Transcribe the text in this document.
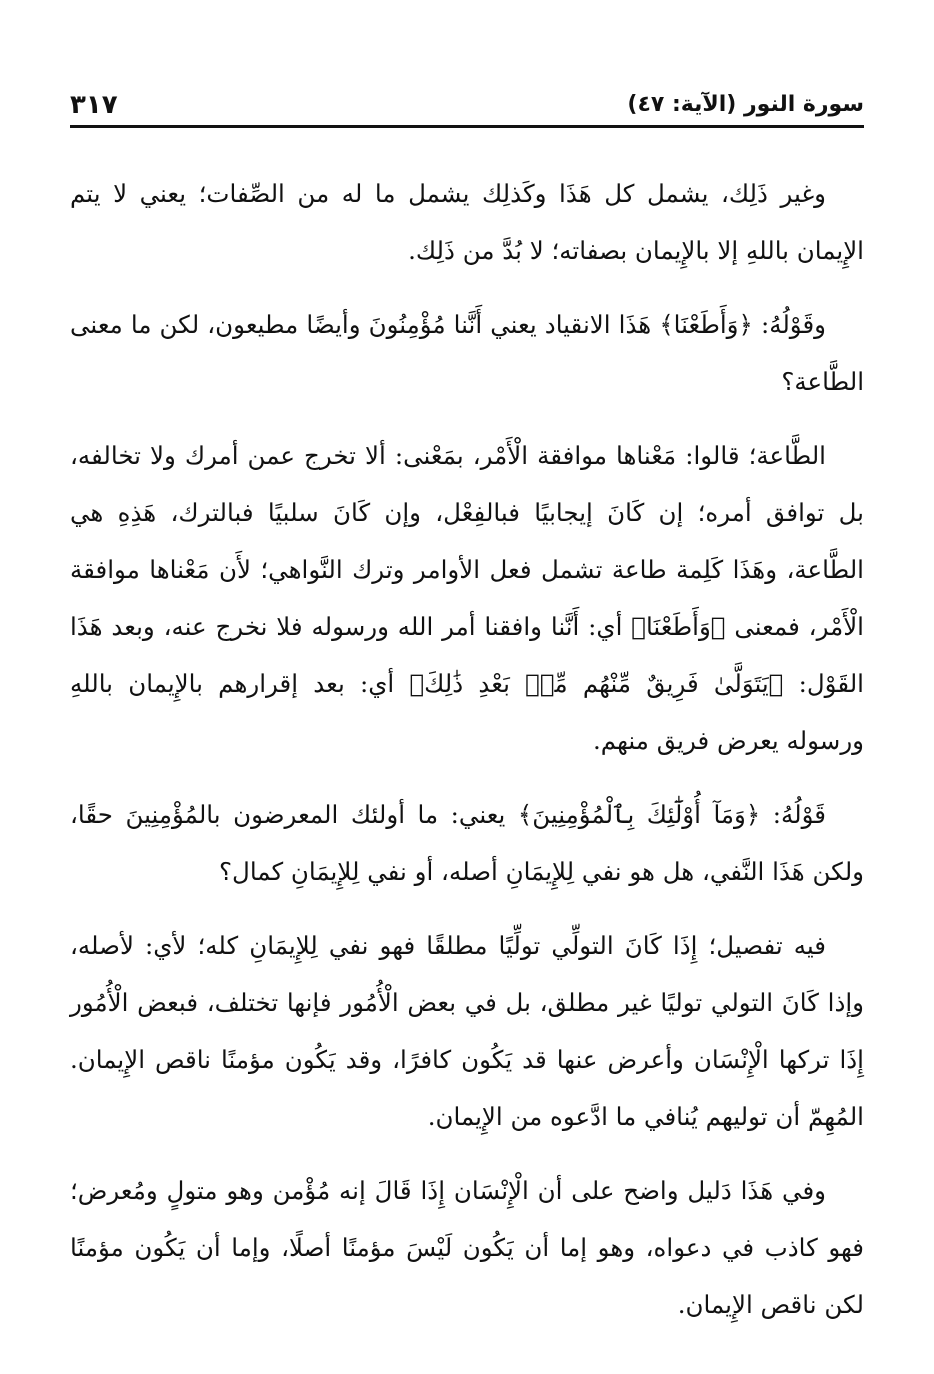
سورة النور (الآية: ٤٧)
٣١٧

وغير ذَلِك، يشمل كل هَذَا وكَذلِك يشمل ما له من الصِّفات؛ يعني لا يتم الإِيمان باللهِ إلا بالإِيمان بصفاته؛ لا بُدَّ من ذَلِك.

وقَوْلُهُ: ﴿وَأَطَعْنَا﴾ هَذَا الانقياد يعني أَنَّنا مُؤْمِنُونَ وأيضًا مطيعون، لكن ما معنى الطَّاعة؟

الطَّاعة؛ قالوا: مَعْناها موافقة الْأَمْر، بمَعْنى: ألا تخرج عمن أمرك ولا تخالفه، بل توافق أمره؛ إن كَانَ إيجابيًا فبالفِعْل، وإن كَانَ سلبيًا فبالترك، هَذِهِ هي الطَّاعة، وهَذَا كَلِمة طاعة تشمل فعل الأوامر وترك النَّواهي؛ لأَن مَعْناها موافقة الْأَمْر، فمعنى ﴿وَأَطَعْنَا﴾ أي: أَنَّنا وافقنا أمر الله ورسوله فلا نخرج عنه، وبعد هَذَا القَوْل: ﴿يَتَوَلَّىٰ فَرِيقٌ مِّنْهُم مِّنۢ بَعْدِ ذَٰلِكَ﴾ أي: بعد إقرارهم بالإِيمان باللهِ ورسوله يعرض فريق منهم.

قَوْلُهُ: ﴿وَمَآ أُوْلَٰٓئِكَ بِٱلْمُؤْمِنِينَ﴾ يعني: ما أولئك المعرضون بالمُؤْمِنِينَ حقًا، ولكن هَذَا النَّفي، هل هو نفي لِلإِيمَانِ أصله، أو نفي لِلإِيمَانِ كمال؟

فيه تفصيل؛ إِذَا كَانَ التولِّي تولِّيًا مطلقًا فهو نفي لِلإِيمَانِ كله؛ لأي: لأصله، وإذا كَانَ التولي توليًا غير مطلق، بل في بعض الْأُمُور فإنها تختلف، فبعض الْأُمُور إِذَا تركها الْإِنْسَان وأعرض عنها قد يَكُون كافرًا، وقد يَكُون مؤمنًا ناقص الإِيمان. المُهِمّ أن توليهم يُنافي ما ادَّعوه من الإِيمان.

وفي هَذَا دَليل واضح على أن الْإِنْسَان إِذَا قَالَ إنه مُؤْمن وهو متولٍ ومُعرض؛ فهو كاذب في دعواه، وهو إما أن يَكُون لَيْسَ مؤمنًا أصلًا، وإما أن يَكُون مؤمنًا لكن ناقص الإِيمان.
